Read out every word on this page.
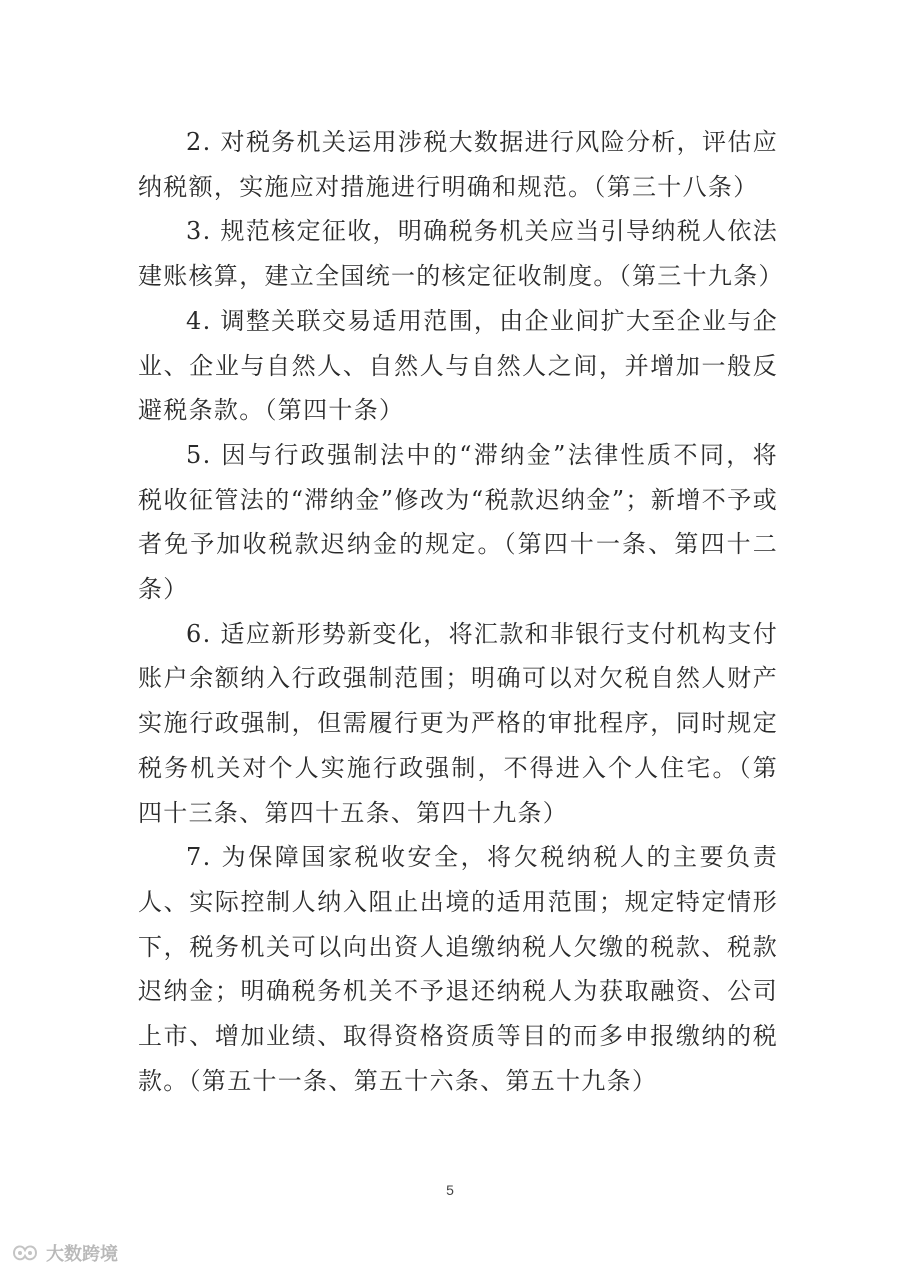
2. 对税务机关运用涉税大数据进行风险分析，评估应纳税额，实施应对措施进行明确和规范。（第三十八条）

3. 规范核定征收，明确税务机关应当引导纳税人依法建账核算，建立全国统一的核定征收制度。（第三十九条）

4. 调整关联交易适用范围，由企业间扩大至企业与企业、企业与自然人、自然人与自然人之间，并增加一般反避税条款。（第四十条）

5. 因与行政强制法中的“滞纳金”法律性质不同，将税收征管法的“滞纳金”修改为“税款迟纳金”；新增不予或者免予加收税款迟纳金的规定。（第四十一条、第四十二条）

6. 适应新形势新变化，将汇款和非银行支付机构支付账户余额纳入行政强制范围；明确可以对欠税自然人财产实施行政强制，但需履行更为严格的审批程序，同时规定税务机关对个人实施行政强制，不得进入个人住宅。（第四十三条、第四十五条、第四十九条）

7. 为保障国家税收安全，将欠税纳税人的主要负责人、实际控制人纳入阻止出境的适用范围；规定特定情形下，税务机关可以向出资人追缴纳税人欠缴的税款、税款迟纳金；明确税务机关不予退还纳税人为获取融资、公司上市、增加业绩、取得资格资质等目的而多申报缴纳的税款。（第五十一条、第五十六条、第五十九条）

5
大数跨境
